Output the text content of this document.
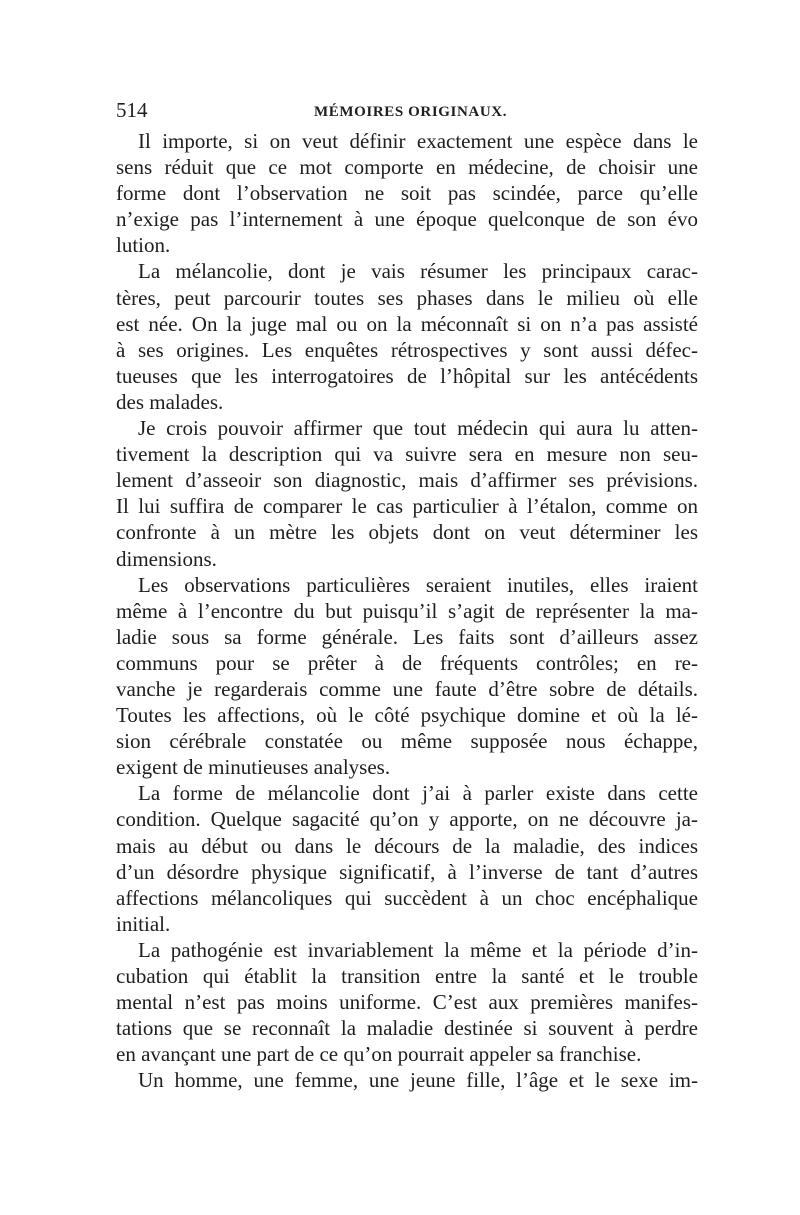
514	MÉMOIRES ORIGINAUX.

Il importe, si on veut définir exactement une espèce dans le
sens réduit que ce mot comporte en médecine, de choisir une
forme dont l’observation ne soit pas scindée, parce qu’elle
n’exige pas l’internement à une époque quelconque de son évo
lution.

La mélancolie, dont je vais résumer les principaux carac-
tères, peut parcourir toutes ses phases dans le milieu où elle
est née. On la juge mal ou on la méconnaît si on n’a pas assisté
à ses origines. Les enquêtes rétrospectives y sont aussi défec-
tueuses que les interrogatoires de l’hôpital sur les antécédents
des malades.

Je crois pouvoir affirmer que tout médecin qui aura lu atten-
tivement la description qui va suivre sera en mesure non seu-
lement d’asseoir son diagnostic, mais d’affirmer ses prévisions.
Il lui suffira de comparer le cas particulier à l’étalon, comme on
confronte à un mètre les objets dont on veut déterminer les
dimensions.

Les observations particulières seraient inutiles, elles iraient
même à l’encontre du but puisqu’il s’agit de représenter la ma-
ladie sous sa forme générale. Les faits sont d’ailleurs assez
communs pour se prêter à de fréquents contrôles; en re-
vanche je regarderais comme une faute d’être sobre de détails.
Toutes les affections, où le côté psychique domine et où la lé-
sion cérébrale constatée ou même supposée nous échappe,
exigent de minutieuses analyses.

La forme de mélancolie dont j’ai à parler existe dans cette
condition. Quelque sagacité qu’on y apporte, on ne découvre ja-
mais au début ou dans le décours de la maladie, des indices
d’un désordre physique significatif, à l’inverse de tant d’autres
affections mélancoliques qui succèdent à un choc encéphalique
initial.

La pathogénie est invariablement la même et la période d’in-
cubation qui établit la transition entre la santé et le trouble
mental n’est pas moins uniforme. C’est aux premières manifes-
tations que se reconnaît la maladie destinée si souvent à perdre
en avançant une part de ce qu’on pourrait appeler sa franchise.

Un homme, une femme, une jeune fille, l’âge et le sexe im-
